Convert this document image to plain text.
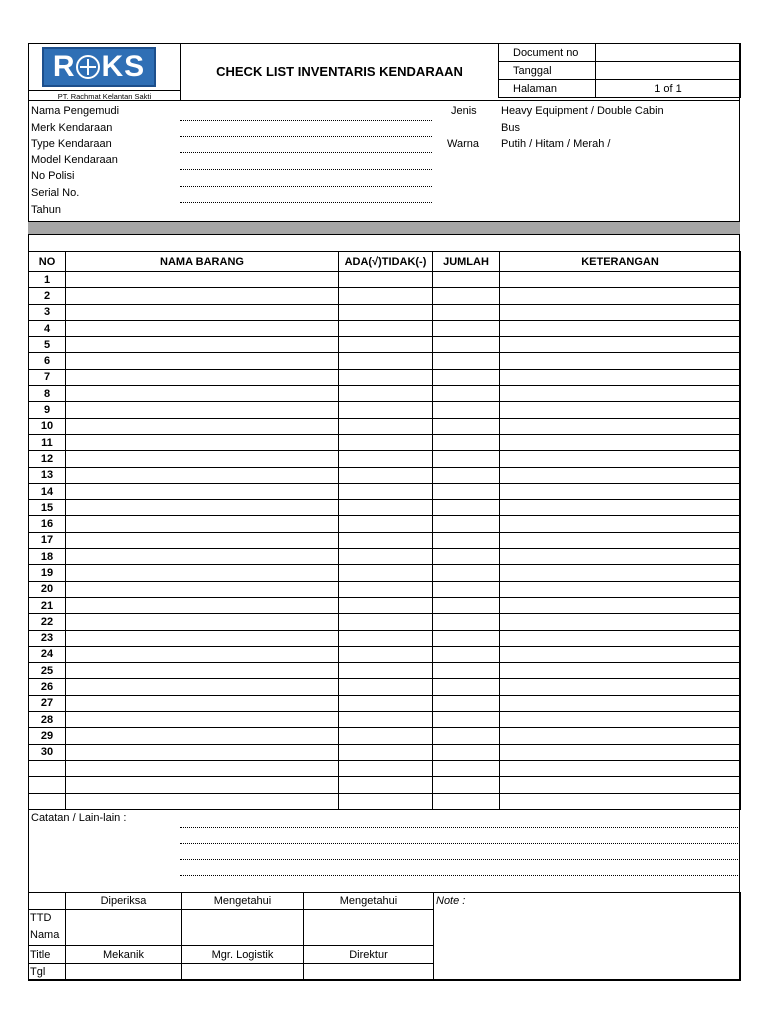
R KS
PT. Rachmat Kelantan Sakti
CHECK LIST INVENTARIS KENDARAAN
Document no	
Tanggal	
Halaman	1 of 1
Nama Pengemudi
Merk Kendaraan
Type Kendaraan
Model Kendaraan
No Polisi
Serial No.
Tahun
Jenis Heavy Equipment / Double Cabin
Bus
Warna Putih / Hitam / Merah /
NO	NAMA BARANG	ADA(√)TIDAK(-)	JUMLAH	KETERANGAN
1				
2				
3				
4				
5				
6				
7				
8				
9				
10				
11				
12				
13				
14				
15				
16				
17				
18				
19				
20				
21				
22				
23				
24				
25				
26				
27				
28				
29				
30				

Catatan / Lain-lain :
	Diperiksa	Mengetahui	Mengetahui	Note :

TTD
Nama				

Title	Mekanik	Mgr. Logistik	Direktur	
Tgl				
